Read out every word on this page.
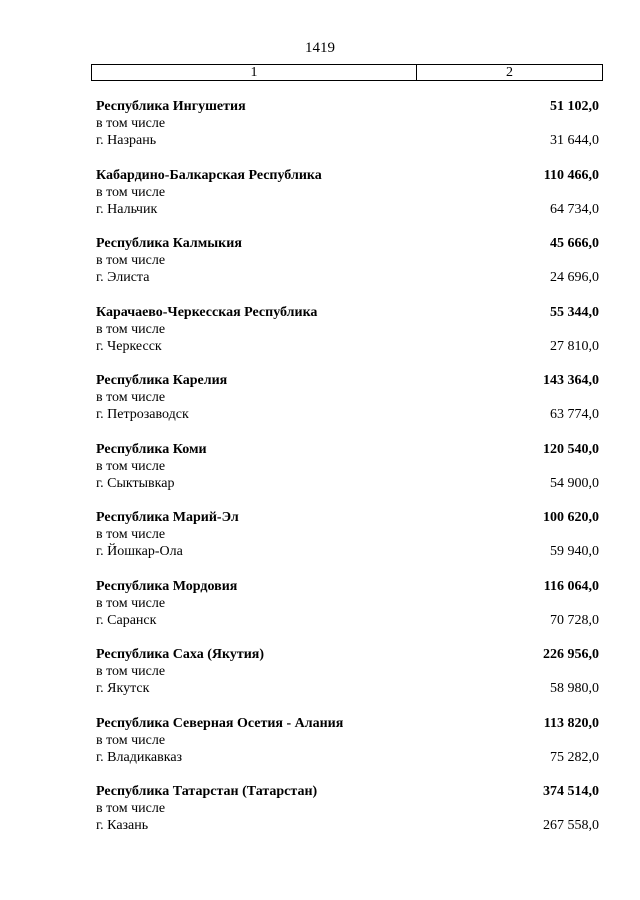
1419
1	2
Республика Ингушетия	51 102,0
в том числе
г. Назрань	31 644,0
Кабардино-Балкарская Республика	110 466,0
в том числе
г. Нальчик	64 734,0
Республика Калмыкия	45 666,0
в том числе
г. Элиста	24 696,0
Карачаево-Черкесская Республика	55 344,0
в том числе
г. Черкесск	27 810,0
Республика Карелия	143 364,0
в том числе
г. Петрозаводск	63 774,0
Республика Коми	120 540,0
в том числе
г. Сыктывкар	54 900,0
Республика Марий-Эл	100 620,0
в том числе
г. Йошкар-Ола	59 940,0
Республика Мордовия	116 064,0
в том числе
г. Саранск	70 728,0
Республика Саха (Якутия)	226 956,0
в том числе
г. Якутск	58 980,0
Республика Северная Осетия - Алания	113 820,0
в том числе
г. Владикавказ	75 282,0
Республика Татарстан (Татарстан)	374 514,0
в том числе
г. Казань	267 558,0
